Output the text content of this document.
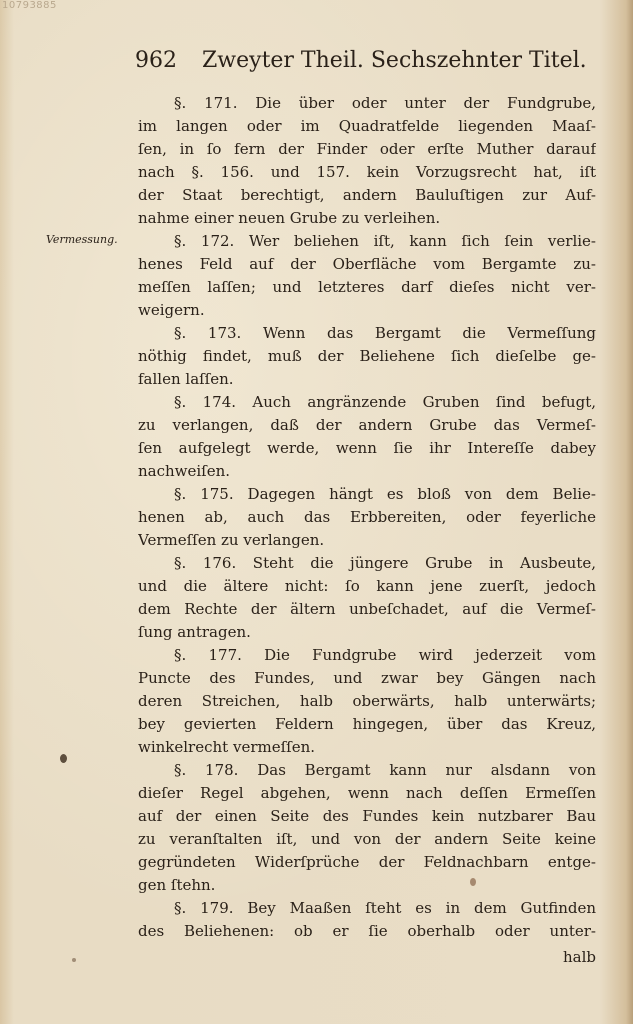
10793885
962 Zweyter Theil. Sechszehnter Titel.
Vermessung.
§. 171. Die über oder unter der Fundgrube,
im langen oder im Quadratfelde liegenden Maaſ-
ſen, in ſo fern der Finder oder erſte Muther darauf
nach §. 156. und 157. kein Vorzugsrecht hat, iſt
der Staat berechtigt, andern Bauluſtigen zur Auf-
nahme einer neuen Grube zu verleihen.
§. 172. Wer beliehen iſt, kann ſich ſein verlie-
henes Feld auf der Oberfläche vom Bergamte zu-
meſſen laſſen; und letzteres darf dieſes nicht ver-
weigern.
§. 173. Wenn das Bergamt die Vermeſſung
nöthig findet, muß der Beliehene ſich dieſelbe ge-
fallen laſſen.
§. 174. Auch angränzende Gruben ſind befugt,
zu verlangen, daß der andern Grube das Vermeſ-
ſen aufgelegt werde, wenn ſie ihr Intereſſe dabey
nachweiſen.
§. 175. Dagegen hängt es bloß von dem Belie-
henen ab, auch das Erbbereiten, oder feyerliche
Vermeſſen zu verlangen.
§. 176. Steht die jüngere Grube in Ausbeute,
und die ältere nicht: ſo kann jene zuerſt, jedoch
dem Rechte der ältern unbeſchadet, auf die Vermeſ-
ſung antragen.
§. 177. Die Fundgrube wird jederzeit vom
Puncte des Fundes, und zwar bey Gängen nach
deren Streichen, halb oberwärts, halb unterwärts;
bey gevierten Feldern hingegen, über das Kreuz,
winkelrecht vermeſſen.
§. 178. Das Bergamt kann nur alsdann von
dieſer Regel abgehen, wenn nach deſſen Ermeſſen
auf der einen Seite des Fundes kein nutzbarer Bau
zu veranſtalten iſt, und von der andern Seite keine
gegründeten Widerſprüche der Feldnachbarn entge-
gen ſtehn.
§. 179. Bey Maaßen ſteht es in dem Gutfinden
des Beliehenen: ob er ſie oberhalb oder unter-
halb
